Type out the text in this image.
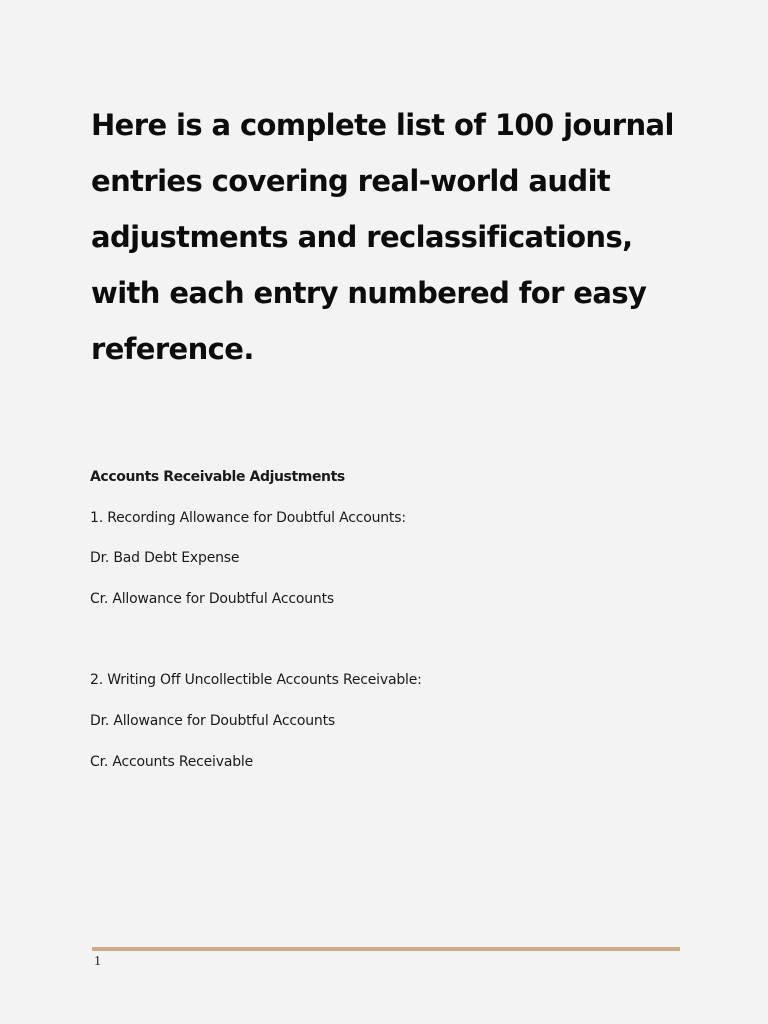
Here is a complete list of 100 journal entries covering real-world audit adjustments and reclassifications, with each entry numbered for easy reference.

Accounts Receivable Adjustments

1. Recording Allowance for Doubtful Accounts:

Dr. Bad Debt Expense

Cr. Allowance for Doubtful Accounts

2. Writing Off Uncollectible Accounts Receivable:

Dr. Allowance for Doubtful Accounts

Cr. Accounts Receivable

1
